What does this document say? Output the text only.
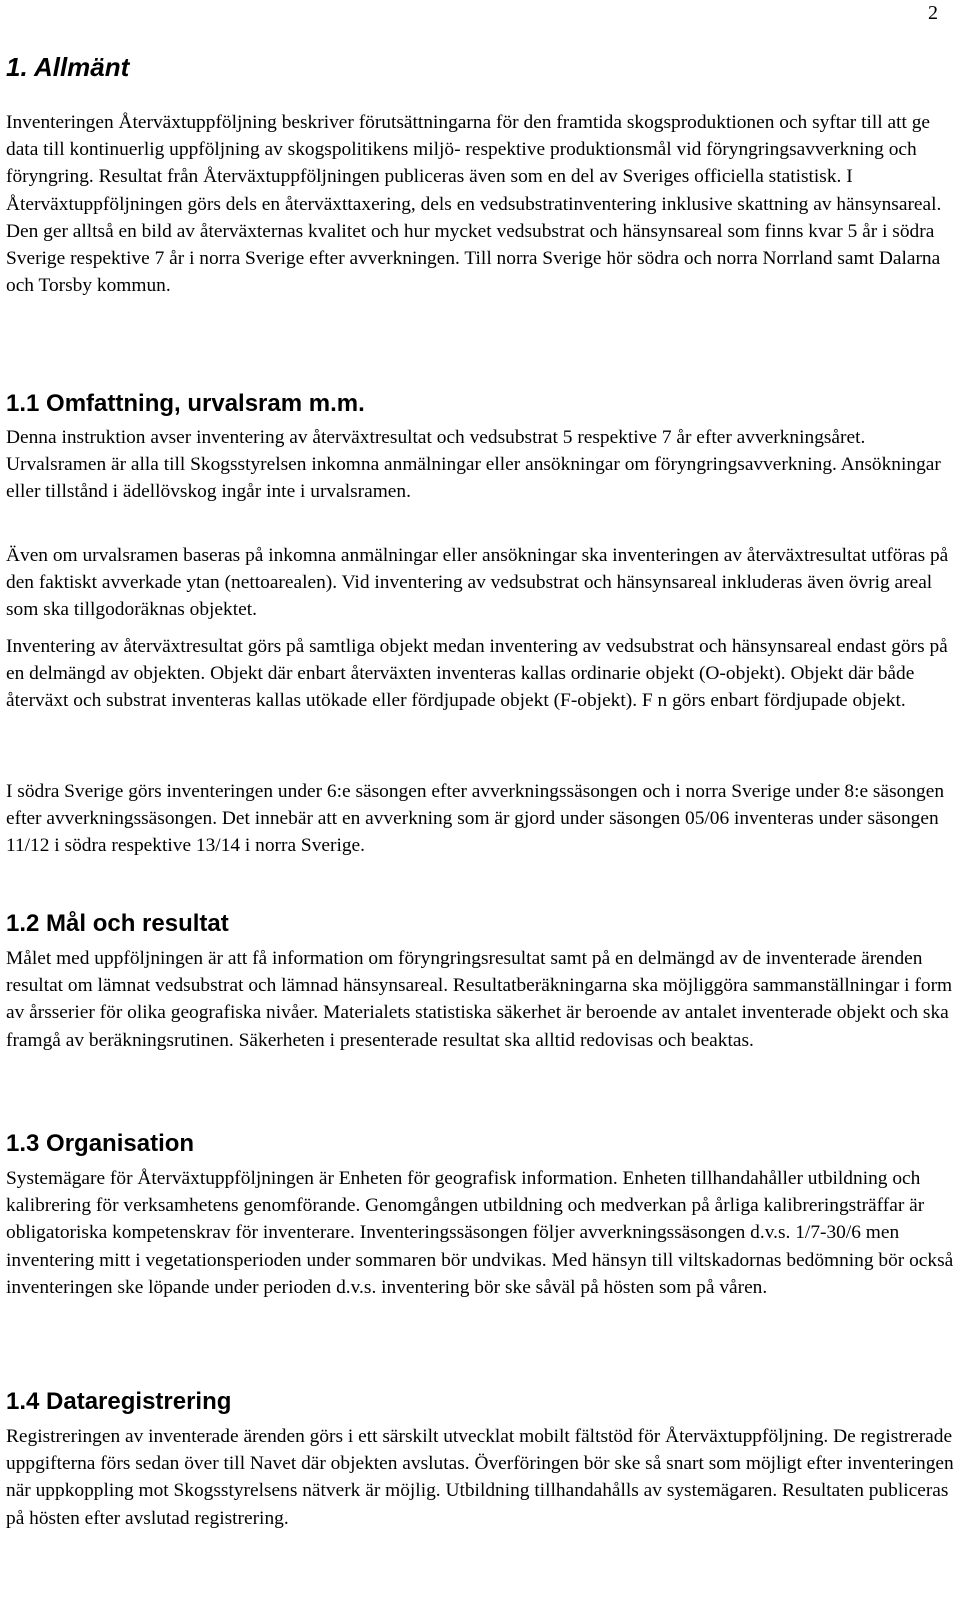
2
1. Allmänt

Inventeringen Återväxtuppföljning beskriver förutsättningarna för den framtida skogsproduktionen och syftar till att ge data till kontinuerlig uppföljning av skogspolitikens miljö- respektive produktionsmål vid föryngringsavverkning och föryngring. Resultat från Återväxtuppföljningen publiceras även som en del av Sveriges officiella statistisk. I Återväxtuppföljningen görs dels en återväxttaxering, dels en vedsubstratinventering inklusive skattning av hänsynsareal. Den ger alltså en bild av återväxternas kvalitet och hur mycket vedsubstrat och hänsynsareal som finns kvar 5 år i södra Sverige respektive 7 år i norra Sverige efter avverkningen. Till norra Sverige hör södra och norra Norrland samt Dalarna och Torsby kommun.

1.1 Omfattning, urvalsram m.m.

Denna instruktion avser inventering av återväxtresultat och vedsubstrat 5 respektive 7 år efter avverkningsåret. Urvalsramen är alla till Skogsstyrelsen inkomna anmälningar eller ansökningar om föryngringsavverkning. Ansökningar eller tillstånd i ädellövskog ingår inte i urvalsramen.

Även om urvalsramen baseras på inkomna anmälningar eller ansökningar ska inventeringen av återväxtresultat utföras på den faktiskt avverkade ytan (nettoarealen). Vid inventering av vedsubstrat och hänsynsareal inkluderas även övrig areal som ska tillgodoräknas objektet.

Inventering av återväxtresultat görs på samtliga objekt medan inventering av vedsubstrat och hänsynsareal endast görs på en delmängd av objekten. Objekt där enbart återväxten inventeras kallas ordinarie objekt (O-objekt). Objekt där både återväxt och substrat inventeras kallas utökade eller fördjupade objekt (F-objekt). F n görs enbart fördjupade objekt.

I södra Sverige görs inventeringen under 6:e säsongen efter avverkningssäsongen och i norra Sverige under 8:e säsongen efter avverkningssäsongen. Det innebär att en avverkning som är gjord under säsongen 05/06 inventeras under säsongen 11/12 i södra respektive 13/14 i norra Sverige.

1.2 Mål och resultat

Målet med uppföljningen är att få information om föryngringsresultat samt på en delmängd av de inventerade ärenden resultat om lämnat vedsubstrat och lämnad hänsynsareal. Resultatberäkningarna ska möjliggöra sammanställningar i form av årsserier för olika geografiska nivåer. Materialets statistiska säkerhet är beroende av antalet inventerade objekt och ska framgå av beräkningsrutinen. Säkerheten i presenterade resultat ska alltid redovisas och beaktas.

1.3 Organisation

Systemägare för Återväxtuppföljningen är Enheten för geografisk information. Enheten tillhandahåller utbildning och kalibrering för verksamhetens genomförande. Genomgången utbildning och medverkan på årliga kalibreringsträffar är obligatoriska kompetenskrav för inventerare. Inventeringssäsongen följer avverkningssäsongen d.v.s. 1/7-30/6 men inventering mitt i vegetationsperioden under sommaren bör undvikas. Med hänsyn till viltskadornas bedömning bör också inventeringen ske löpande under perioden d.v.s. inventering bör ske såväl på hösten som på våren.

1.4 Dataregistrering

Registreringen av inventerade ärenden görs i ett särskilt utvecklat mobilt fältstöd för Återväxtuppföljning. De registrerade uppgifterna förs sedan över till Navet där objekten avslutas. Överföringen bör ske så snart som möjligt efter inventeringen när uppkoppling mot Skogsstyrelsens nätverk är möjlig. Utbildning tillhandahålls av systemägaren. Resultaten publiceras på hösten efter avslutad registrering.
